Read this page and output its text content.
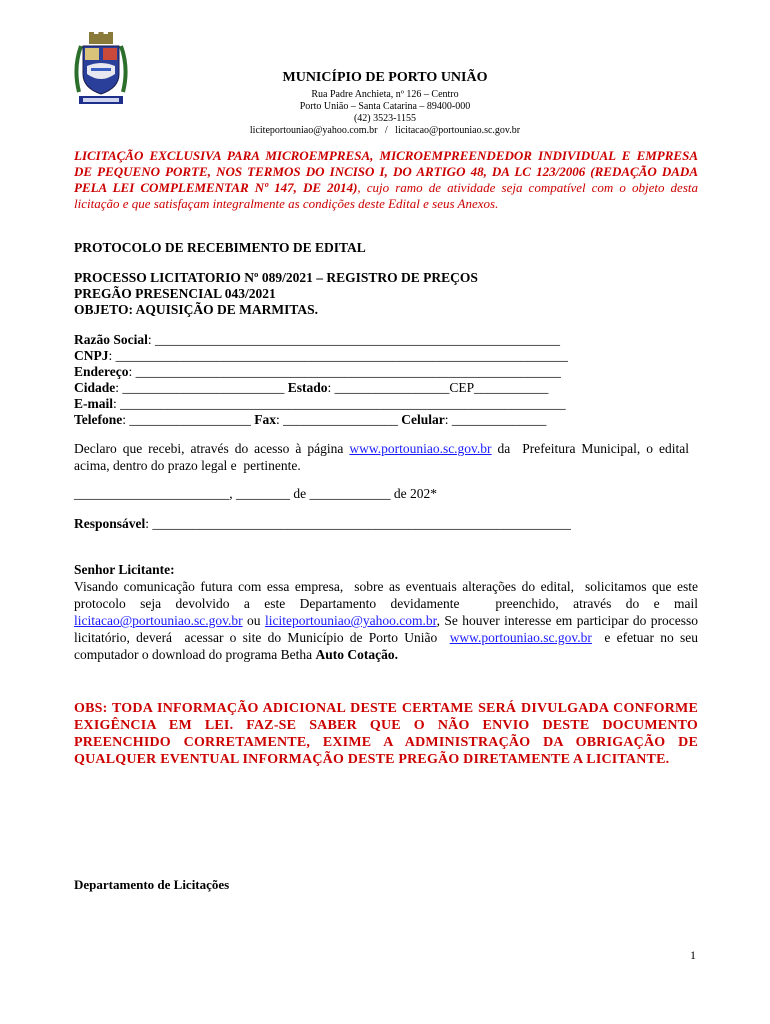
MUNICÍPIO DE PORTO UNIÃO
Rua Padre Anchieta, nº 126 – Centro
Porto União – Santa Catarina – 89400-000
(42) 3523-1155
liciteportouniao@yahoo.com.br   /   licitacao@portouniao.sc.gov.br
LICITAÇÃO EXCLUSIVA PARA MICROEMPRESA, MICROEMPREENDEDOR INDIVIDUAL E EMPRESA DE PEQUENO PORTE, NOS TERMOS DO INCISO I, DO ARTIGO 48, DA LC 123/2006 (REDAÇÃO DADA PELA LEI COMPLEMENTAR Nº 147, DE 2014), cujo ramo de atividade seja compatível com o objeto desta licitação e que satisfaçam integralmente as condições deste Edital e seus Anexos.
PROTOCOLO DE RECEBIMENTO DE EDITAL
PROCESSO LICITATORIO Nº 089/2021 – REGISTRO DE PREÇOS
PREGÃO PRESENCIAL 043/2021
OBJETO: AQUISIÇÃO DE MARMITAS.
Razão Social: ____________________________________________________________
CNPJ: ___________________________________________________________________
Endereço: _______________________________________________________________
Cidade: ________________________ Estado: _________________CEP___________
E-mail: __________________________________________________________________
Telefone: __________________ Fax: _________________ Celular: ______________
Declaro que recebi, através do acesso à página www.portouniao.sc.gov.br da  Prefeitura Municipal, o edital acima, dentro do prazo legal e  pertinente.
_______________________, ________ de ____________ de 202*
Responsável: ______________________________________________________________
Senhor Licitante:
Visando comunicação futura com essa empresa,  sobre as eventuais alterações do edital,  solicitamos que este protocolo  seja  devolvido  a  este  Departamento  devidamente     preenchido,  através  do  e  mail licitacao@portouniao.sc.gov.br ou liciteportouniao@yahoo.com.br, Se houver interesse em participar do processo licitatório, deverá  acessar o site do Município de Porto União  www.portouniao.sc.gov.br  e efetuar no seu  computador o download do programa Betha Auto Cotação.
OBS: TODA INFORMAÇÃO ADICIONAL DESTE CERTAME SERÁ DIVULGADA CONFORME EXIGÊNCIA EM LEI. FAZ-SE SABER QUE O NÃO ENVIO DESTE DOCUMENTO PREENCHIDO CORRETAMENTE, EXIME A ADMINISTRAÇÃO DA OBRIGAÇÃO DE QUALQUER EVENTUAL INFORMAÇÃO DESTE PREGÃO DIRETAMENTE A LICITANTE.
Departamento de Licitações
1
